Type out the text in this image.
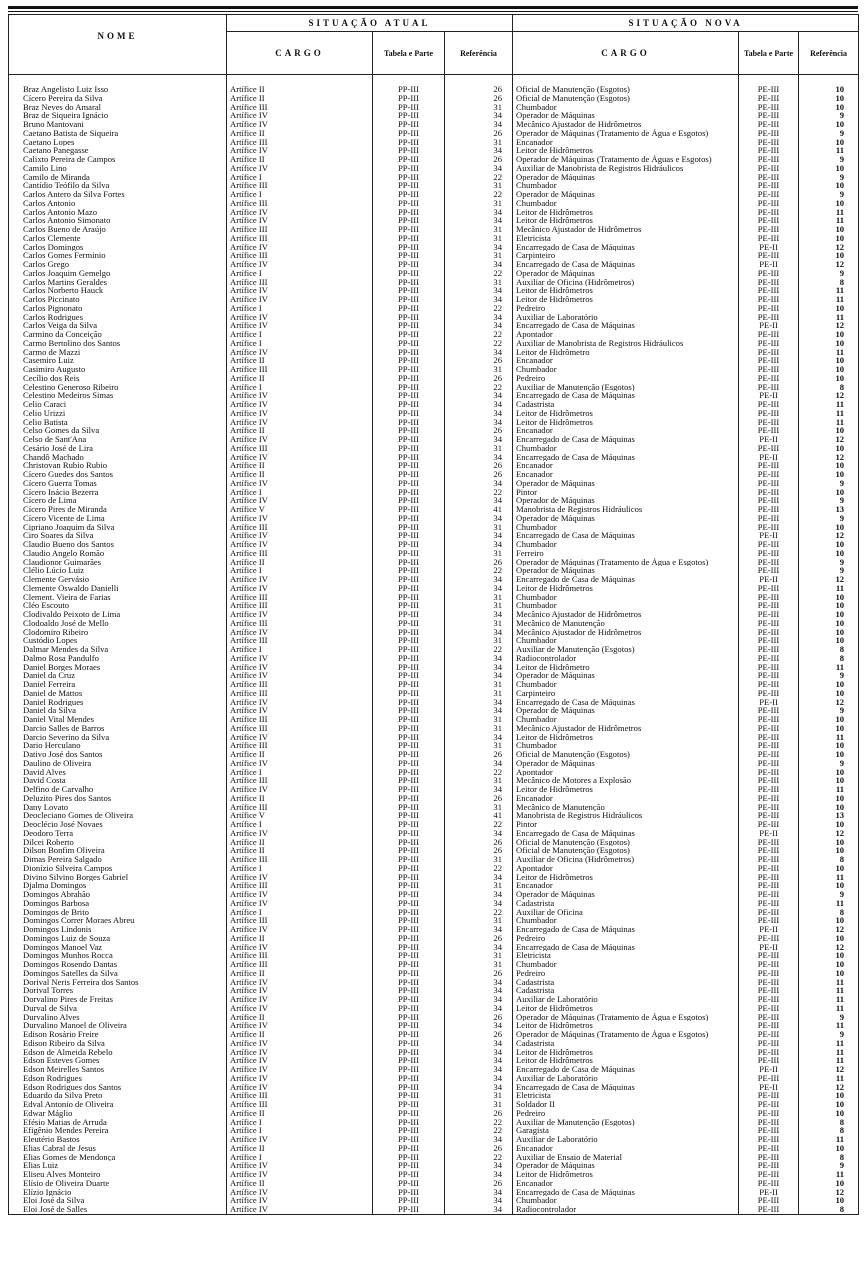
NOME	SITUAÇÃO ATUAL			SITUAÇÃO NOVA		
	CARGO	Tabela e Parte	Referência	CARGO	Tabela e Parte	Referência

Braz Angelisto Luiz Isso	Artífice II	PP-III	26	Oficial de Manutenção (Esgotos)	PE-III	10
Cícero Pereira da Silva	Artífice II	PP-III	26	Oficial de Manutenção (Esgotos)	PE-III	10
Braz Neves do Amaral	Artífice III	PP-III	31	Chumbador	PE-III	10
Braz de Siqueira Ignácio	Artífice IV	PP-III	34	Operador de Máquinas	PE-III	9
Bruno Mantovani	Artífice IV	PP-III	34	Mecânico Ajustador de Hidrômetros	PE-III	10
Caetano Batista de Siqueira	Artífice II	PP-III	26	Operador de Máquinas (Tratamento de Água e Esgotos)	PE-III	9
Caetano Lopes	Artífice III	PP-III	31	Encanador	PE-III	10
Caetano Panegasse	Artífice IV	PP-III	34	Leitor de Hidrômetros	PE-III	11
Calixto Pereira de Campos	Artífice II	PP-III	26	Operador de Máquinas (Tratamento de Águas e Esgotos)	PE-III	9
Camilo Lino	Artífice IV	PP-III	34	Auxiliar de Manobrista de Registros Hidráulicos	PE-III	10
Camilo de Miranda	Artífice I	PP-III	22	Operador de Máquinas	PE-III	9
Cantídio Teófilo da Silva	Artífice III	PP-III	31	Chumbador	PE-III	10
Carlos Antero da Silva Fortes	Artífice I	PP-III	22	Operador de Máquinas	PE-III	9
Carlos Antonio	Artífice III	PP-III	31	Chumbador	PE-III	10
Carlos Antonio Mazo	Artífice IV	PP-III	34	Leitor de Hidrômetros	PE-III	11
Carlos Antonio Simonato	Artífice IV	PP-III	34	Leitor de Hidrômetros	PE-III	11
Carlos Bueno de Araújo	Artífice III	PP-III	31	Mecânico Ajustador de Hidrômetros	PE-III	10
Carlos Clemente	Artífice III	PP-III	31	Eletricista	PE-III	10
Carlos Domingos	Artífice IV	PP-III	34	Encarregado de Casa de Máquinas	PE-II	12
Carlos Gomes Ferminio	Artífice III	PP-III	31	Carpinteiro	PE-III	10
Carlos Grego	Artífice IV	PP-III	34	Encarregado de Casa de Máquinas	PE-II	12
Carlos Joaquim Gemelgo	Artífice I	PP-III	22	Operador de Máquinas	PE-III	9
Carlos Martins Geraldes	Artífice III	PP-III	31	Auxiliar de Oficina (Hidrômetros)	PE-III	8
Carlos Norberto Hauck	Artífice IV	PP-III	34	Leitor de Hidrômetros	PE-III	11
Carlos Piccinato	Artífice IV	PP-III	34	Leitor de Hidrômetros	PE-III	11
Carlos Pignonato	Artífice I	PP-III	22	Pedreiro	PE-III	10
Carlos Rodrigues	Artífice IV	PP-III	34	Auxiliar de Laboratório	PE-III	11
Carlos Veiga da Silva	Artífice IV	PP-III	34	Encarregado de Casa de Máquinas	PE-II	12
Carmino da Conceição	Artífice I	PP-III	22	Apontador	PE-III	10
Carmo Bertolino dos Santos	Artífice I	PP-III	22	Auxiliar de Manobrista de Registros Hidráulicos	PE-III	10
Carmo de Mazzi	Artífice IV	PP-III	34	Leitor de Hidrômetro	PE-III	11
Casemiro Luiz	Artífice II	PP-III	26	Encanador	PE-III	10
Casimiro Augusto	Artífice III	PP-III	31	Chumbador	PE-III	10
Cecílio dos Reis	Artífice II	PP-III	26	Pedreiro	PE-III	10
Celestino Generoso Ribeiro	Artífice I	PP-III	22	Auxiliar de Manutenção (Esgotos)	PE-III	8
Celestino Medeiros Simas	Artífice IV	PP-III	34	Encarregado de Casa de Máquinas	PE-II	12
Celio Caraci	Artífice IV	PP-III	34	Cadastrista	PE-III	11
Celio Urizzi	Artífice IV	PP-III	34	Leitor de Hidrômetros	PE-III	11
Celio Batista	Artífice IV	PP-III	34	Leitor de Hidrômetros	PE-III	11
Celso Gomes da Silva	Artífice II	PP-III	26	Encanador	PE-III	10
Celso de Sant'Ana	Artífice IV	PP-III	34	Encarregado de Casa de Máquinas	PE-II	12
Cesário José de Lira	Artífice III	PP-III	31	Chumbador	PE-III	10
Chandô Machado	Artífice IV	PP-III	34	Encarregado de Casa de Máquinas	PE-II	12
Christovan Rubio Rubio	Artífice II	PP-III	26	Encanador	PE-III	10
Cícero Guedes dos Santos	Artífice II	PP-III	26	Encanador	PE-III	10
Cícero Guerra Tomas	Artífice IV	PP-III	34	Operador de Máquinas	PE-III	9
Cícero Inácio Bezerra	Artífice I	PP-III	22	Pintor	PE-III	10
Cícero de Lima	Artífice IV	PP-III	34	Operador de Máquinas	PE-III	9
Cícero Pires de Miranda	Artífice V	PP-III	41	Manobrista de Registros Hidráulicos	PE-III	13
Cícero Vicente de Lima	Artífice IV	PP-III	34	Operador de Máquinas	PE-III	9
Cipriano Joaquim da Silva	Artífice III	PP-III	31	Chumbador	PE-III	10
Ciro Soares da Silva	Artífice IV	PP-III	34	Encarregado de Casa de Máquinas	PE-II	12
Claudio Bueno dos Santos	Artífice IV	PP-III	34	Chumbador	PE-III	10
Claudio Angelo Romão	Artífice III	PP-III	31	Ferreiro	PE-III	10
Claudionor Guimarães	Artífice II	PP-III	26	Operador de Máquinas (Tratamento de Água e Esgotos)	PE-III	9
Clélio Lúcio Luiz	Artífice I	PP-III	22	Operador de Máquinas	PE-III	9
Clemente Gervásio	Artífice IV	PP-III	34	Encarregado de Casa de Máquinas	PE-II	12
Clemente Oswaldo Danielli	Artífice IV	PP-III	34	Leitor de Hidrômetros	PE-III	11
Clement. Vieira de Farias	Artífice III	PP-III	31	Chumbador	PE-III	10
Cléo Escouto	Artífice III	PP-III	31	Chumbador	PE-III	10
Clodivaldo Peixoto de Lima	Artífice IV	PP-III	34	Mecânico Ajustador de Hidrômetros	PE-III	10
Clodoaldo José de Mello	Artífice III	PP-III	31	Mecânico de Manutenção	PE-III	10
Clodomiro Ribeiro	Artífice IV	PP-III	34	Mecânico Ajustador de Hidrômetros	PE-III	10
Custódio Lopes	Artífice III	PP-III	31	Chumbador	PE-III	10
Dalmar Mendes da Silva	Artífice I	PP-III	22	Auxiliar de Manutenção (Esgotos)	PE-III	8
Dalmo Rosa Pandulfo	Artífice IV	PP-III	34	Radiocontrolador	PE-III	8
Daniel Borges Moraes	Artífice IV	PP-III	34	Leitor de Hidrômetro	PE-III	11
Daniel da Cruz	Artífice IV	PP-III	34	Operador de Máquinas	PE-III	9
Daniel Ferreira	Artífice III	PP-III	31	Chumbador	PE-III	10
Daniel de Mattos	Artífice III	PP-III	31	Carpinteiro	PE-III	10
Daniel Rodrigues	Artífice IV	PP-III	34	Encarregado de Casa de Máquinas	PE-II	12
Daniel da Silva	Artífice IV	PP-III	34	Operador de Máquinas	PE-III	9
Daniel Vital Mendes	Artífice III	PP-III	31	Chumbador	PE-III	10
Darcio Salles de Barros	Artífice III	PP-III	31	Mecânico Ajustador de Hidrômetros	PE-III	10
Darcio Severino da Silva	Artífice IV	PP-III	34	Leitor de Hidrômetros	PE-III	11
Dario Herculano	Artífice III	PP-III	31	Chumbador	PE-III	10
Dativo José dos Santos	Artífice II	PP-III	26	Oficial de Manutenção (Esgotos)	PE-III	10
Daulino de Oliveira	Artífice IV	PP-III	34	Operador de Máquinas	PE-III	9
David Alves	Artífice I	PP-III	22	Apontador	PE-III	10
David Costa	Artífice III	PP-III	31	Mecânico de Motores a Explosão	PE-III	10
Delfino de Carvalho	Artífice IV	PP-III	34	Leitor de Hidrômetros	PE-III	11
Deluzito Pires dos Santos	Artífice II	PP-III	26	Encanador	PE-III	10
Dany Lovato	Artífice III	PP-III	31	Mecânico de Manutenção	PE-III	10
Deocleciano Gomes de Oliveira	Artífice V	PP-III	41	Manobrista de Registros Hidráulicos	PE-III	13
Deoclécio José Novaes	Artífice I	PP-III	22	Pintor	PE-III	10
Deodoro Terra	Artífice IV	PP-III	34	Encarregado de Casa de Máquinas	PE-II	12
Dilcei Roberto	Artífice II	PP-III	26	Oficial de Manutenção (Esgotos)	PE-III	10
Dilson Bonfim Oliveira	Artífice II	PP-III	26	Oficial de Manutenção (Esgotos)	PE-III	10
Dimas Pereira Salgado	Artífice III	PP-III	31	Auxiliar de Oficina (Hidrômetros)	PE-III	8
Dionízio Silveira Campos	Artífice I	PP-III	22	Apontador	PE-III	10
Divino Silvino Borges Gabriel	Artífice IV	PP-III	34	Leitor de Hidrômetros	PE-III	11
Djalma Domingos	Artífice III	PP-III	31	Encanador	PE-III	10
Domingos Abrahão	Artífice IV	PP-III	34	Operador de Máquinas	PE-III	9
Domingos Barbosa	Artífice IV	PP-III	34	Cadastrista	PE-III	11
Domingos de Brito	Artífice I	PP-III	22	Auxiliar de Oficina	PE-III	8
Domingos Correr Moraes Abreu	Artífice III	PP-III	31	Chumbador	PE-III	10
Domingos Lindonis	Artífice IV	PP-III	34	Encarregado de Casa de Máquinas	PE-II	12
Domingos Luiz de Souza	Artífice II	PP-III	26	Pedreiro	PE-III	10
Domingos Manoel Vaz	Artífice IV	PP-III	34	Encarregado de Casa de Máquinas	PE-II	12
Domingos Munhos Rocca	Artífice III	PP-III	31	Eletricista	PE-III	10
Domingos Rosendo Dantas	Artífice III	PP-III	31	Chumbador	PE-III	10
Domingos Satelles da Silva	Artífice II	PP-III	26	Pedreiro	PE-III	10
Dorival Neris Ferreira dos Santos	Artífice IV	PP-III	34	Cadastrista	PE-III	11
Dorival Torres	Artífice IV	PP-III	34	Cadastrista	PE-III	11
Dorvalino Pires de Freitas	Artífice IV	PP-III	34	Auxiliar de Laboratório	PE-III	11
Durval de Silva	Artífice IV	PP-III	34	Leitor de Hidrômetros	PE-III	11
Durvalino Alves	Artífice II	PP-III	26	Operador de Máquinas (Tratamento de Água e Esgotos)	PE-III	9
Durvalino Manoel de Oliveira	Artífice IV	PP-III	34	Leitor de Hidrômetros	PE-III	11
Edison Rosário Freire	Artífice II	PP-III	26	Operador de Máquinas (Tratamento de Água e Esgotos)	PE-III	9
Edison Ribeiro da Silva	Artífice IV	PP-III	34	Cadastrista	PE-III	11
Edson de Almeida Rebelo	Artífice IV	PP-III	34	Leitor de Hidrômetros	PE-III	11
Edson Esteves Gomes	Artífice IV	PP-III	34	Leitor de Hidrômetros	PE-III	11
Edson Meirelles Santos	Artífice IV	PP-III	34	Encarregado de Casa de Máquinas	PE-II	12
Edson Rodrigues	Artífice IV	PP-III	34	Auxiliar de Laboratório	PE-III	11
Edson Rodrigues dos Santos	Artífice IV	PP-III	34	Encarregado de Casa de Máquinas	PE-II	12
Eduardo da Silva Preto	Artífice III	PP-III	31	Eletricista	PE-III	10
Edval Antonio de Oliveira	Artífice III	PP-III	31	Soldador II	PE-III	10
Edwar Máglio	Artífice II	PP-III	26	Pedreiro	PE-III	10
Efésio Matias de Arruda	Artífice I	PP-III	22	Auxiliar de Manutenção (Esgotos)	PE-III	8
Efigênio Mendes Pereira	Artífice I	PP-III	22	Garagista	PE-III	8
Eleutério Bastos	Artífice IV	PP-III	34	Auxiliar de Laboratório	PE-III	11
Elias Cabral de Jesus	Artífice II	PP-III	26	Encanador	PE-III	10
Elias Gomes de Mendonça	Artífice I	PP-III	22	Auxiliar de Ensaio de Material	PE-III	8
Elias Luiz	Artífice IV	PP-III	34	Operador de Máquinas	PE-III	9
Eliseu Alves Monteiro	Artífice IV	PP-III	34	Leitor de Hidrômetros	PE-III	11
Elísio de Oliveira Duarte	Artífice II	PP-III	26	Encanador	PE-III	10
Elízio Ignácio	Artífice IV	PP-III	34	Encarregado de Casa de Máquinas	PE-II	12
Eloi José da Silva	Artífice IV	PP-III	34	Chumbador	PE-III	10
Eloi José de Salles	Artífice IV	PP-III	34	Radiocontrolador	PE-III	8
